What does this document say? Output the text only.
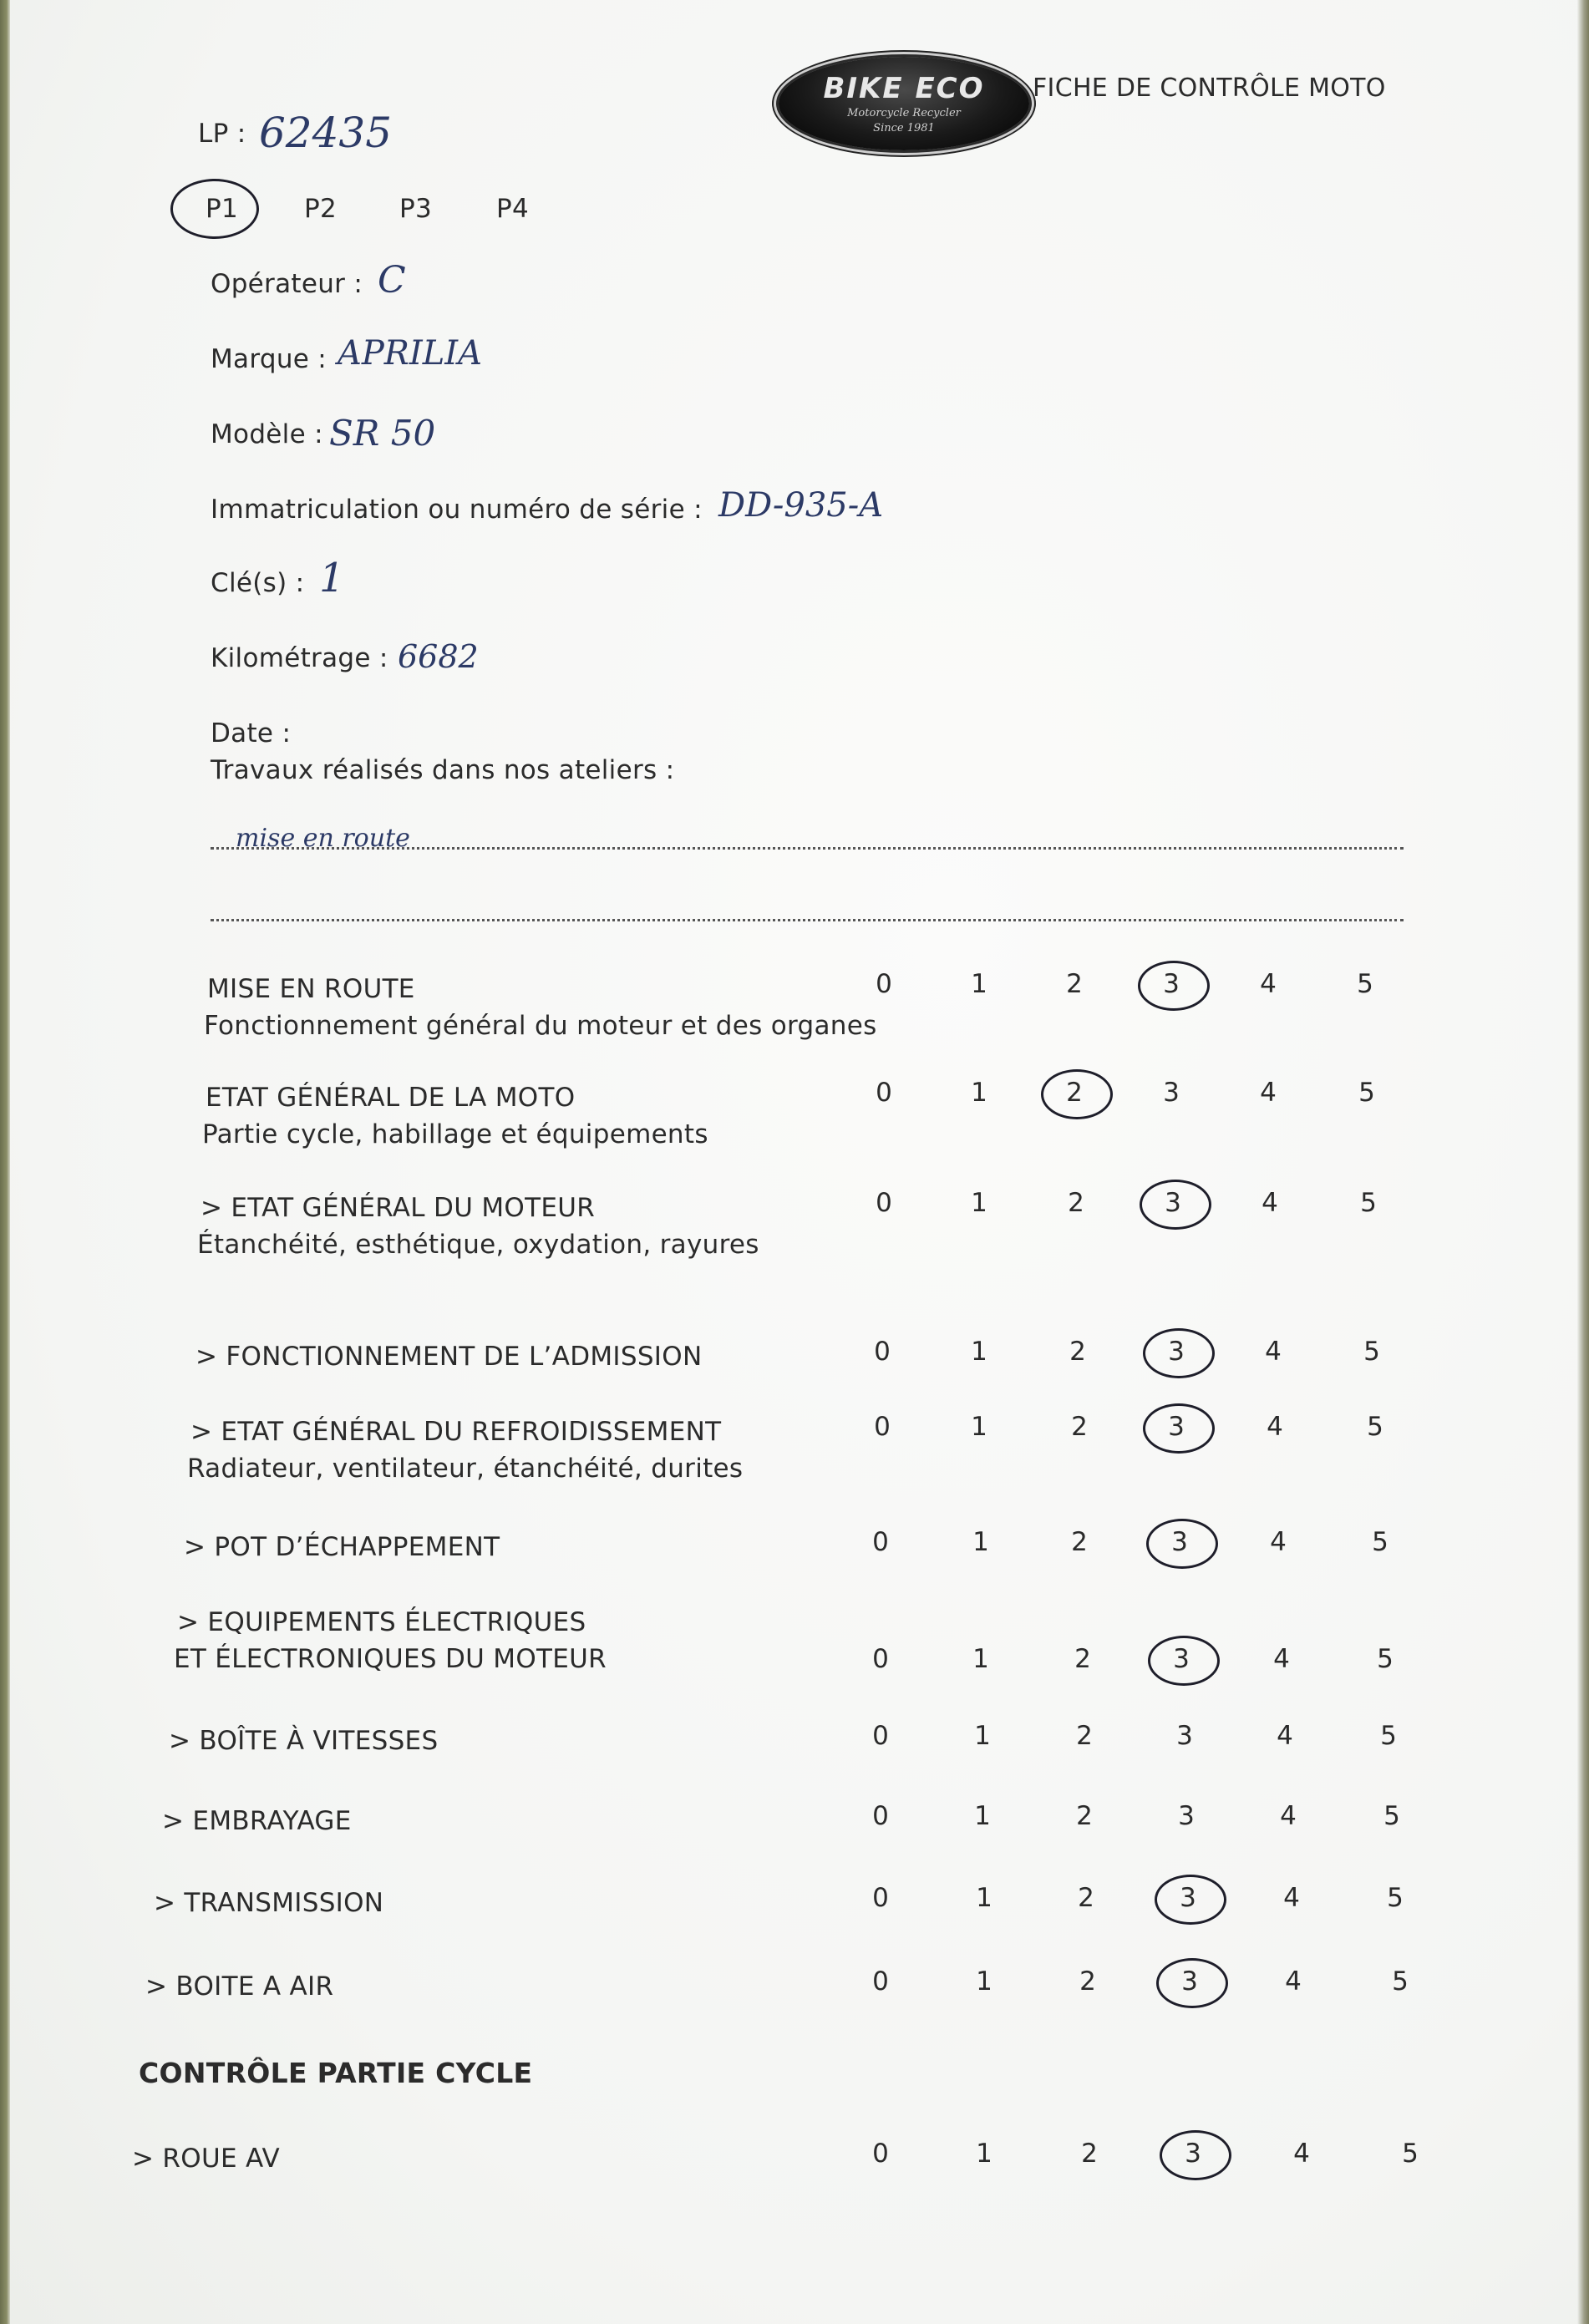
BIKE ECO
Motorcycle Recycler
Since 1981
FICHE DE CONTRÔLE MOTO
LP : 62435
P1	P2 P3 P4
Opérateur : C
Marque : APRILIA
Modèle : SR 50
Immatriculation ou numéro de série : DD-935-A
Clé(s) : 1
Kilométrage : 6682
Date :
Travaux réalisés dans nos ateliers :
mise en route
MISE EN ROUTE
Fonctionnement général du moteur et des organes
0	1	2	3	4	5
ETAT GÉNÉRAL DE LA MOTO
Partie cycle, habillage et équipements
0	1	2	3	4	5
> ETAT GÉNÉRAL DU MOTEUR
Étanchéité, esthétique, oxydation, rayures
0	1	2	3	4	5
> FONCTIONNEMENT DE L’ADMISSION	0	1	2	3	4	5
> ETAT GÉNÉRAL DU REFROIDISSEMENT
Radiateur, ventilateur, étanchéité, durites
0	1	2	3	4	5
> POT D’ÉCHAPPEMENT	0	1	2	3	4	5
> EQUIPEMENTS ÉLECTRIQUES
ET ÉLECTRONIQUES DU MOTEUR	0	1	2	3	4	5
> BOÎTE À VITESSES	0	1	2	3	4	5
> EMBRAYAGE	0	1	2	3	4	5
> TRANSMISSION	0	1	2	3	4	5
> BOITE A AIR	0	1	2	3	4	5
CONTRÔLE PARTIE CYCLE
> ROUE AV	0	1	2	3	4	5
